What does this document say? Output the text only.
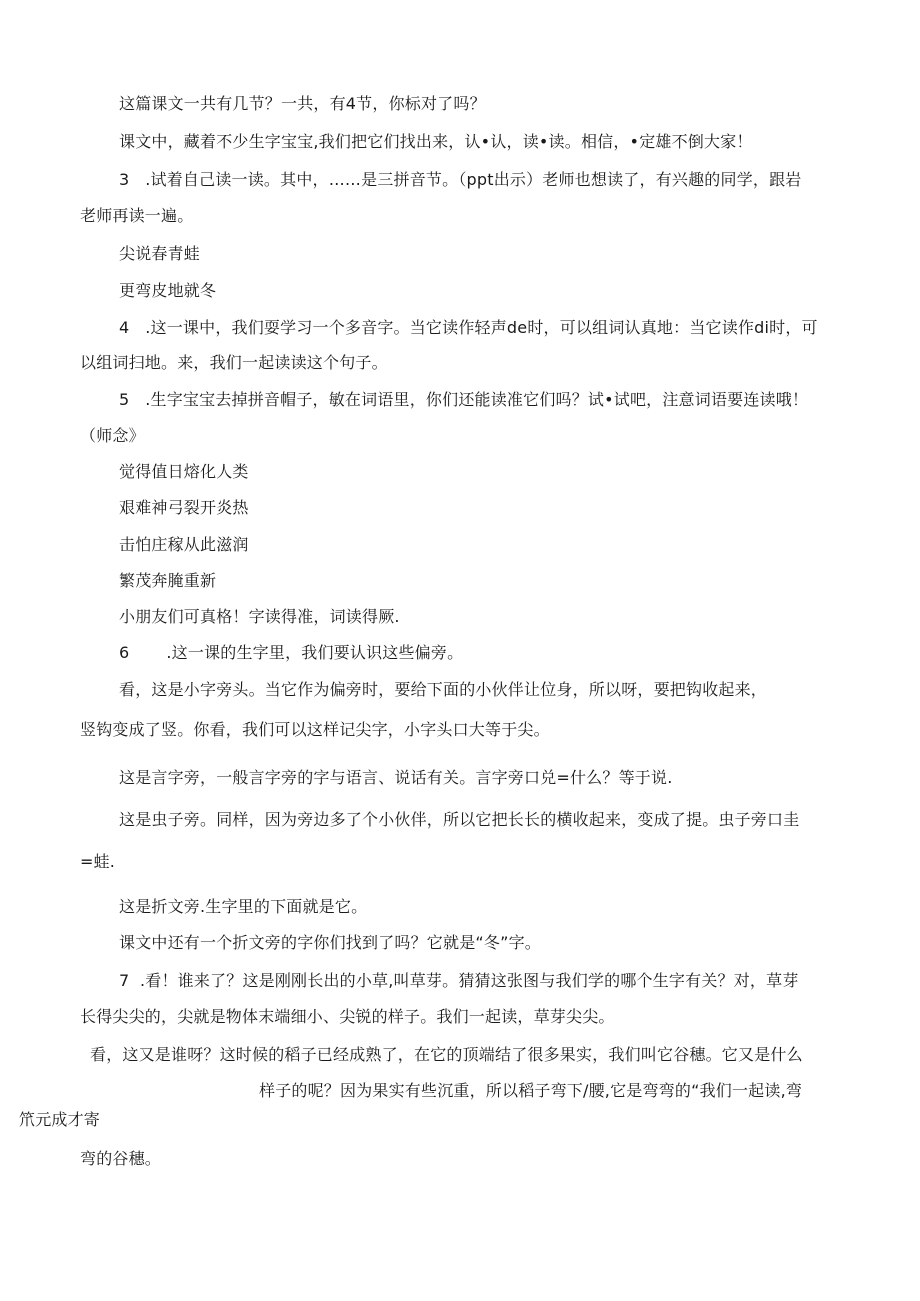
这篇课文一共有几节？一共，有4节，你标对了吗？
课文中，藏着不少生字宝宝,我们把它们找出来，认•认，读•读。相信，•定雄不倒大家！
3   .试着自己读一读。其中，……是三拼音节。（ppt出示）老师也想读了，有兴趣的同学，跟岩
老师再读一遍。
尖说春青蛙
更弯皮地就冬
4   .这一课中，我们耍学习一个多音字。当它读作轻声de时，可以组词认真地：当它读作di时，可
以组词扫地。来，我们一起读读这个句子。
5   .生字宝宝去掉拼音帽子，敏在词语里，你们还能读准它们吗？试•试吧，注意词语要连读哦！
（师念》
觉得值日熔化人类
艰难神弓裂开炎热
击怕庄稼从此滋润
繁茂奔腌重新
小朋友们可真格！字读得准，词读得厥.
6       .这一课的生字里，我们要认识这些偏旁。
看，这是小字旁头。当它作为偏旁时，要给下面的小伙伴让位身，所以呀，要把钩收起来，
竖钩变成了竖。你看，我们可以这样记尖字，小字头口大等于尖。
这是言字旁，一般言字旁的字与语言、说话有关。言字旁口兑=什么？等于说.
这是虫子旁。同样，因为旁边多了个小伙伴，所以它把长长的横收起来，变成了提。虫子旁口圭
=蛙.
这是折文旁.生字里的下面就是它。
课文中还有一个折文旁的字你们找到了吗？它就是“冬”字。
7  .看！谁来了？这是刚刚长出的小草,叫草芽。猜猜这张图与我们学的哪个生字有关？对，草芽
长得尖尖的，尖就是物体末端细小、尖锐的样子。我们一起读，草芽尖尖。
看，这又是谁呀？这时候的稻子已经成熟了，在它的顶端结了很多果实，我们叫它谷穗。它又是什么
样子的呢？因为果实有些沉重，所以稻子弯下/腰,它是弯弯的“我们一起读,弯
笊元成才寄
弯的谷穗。
